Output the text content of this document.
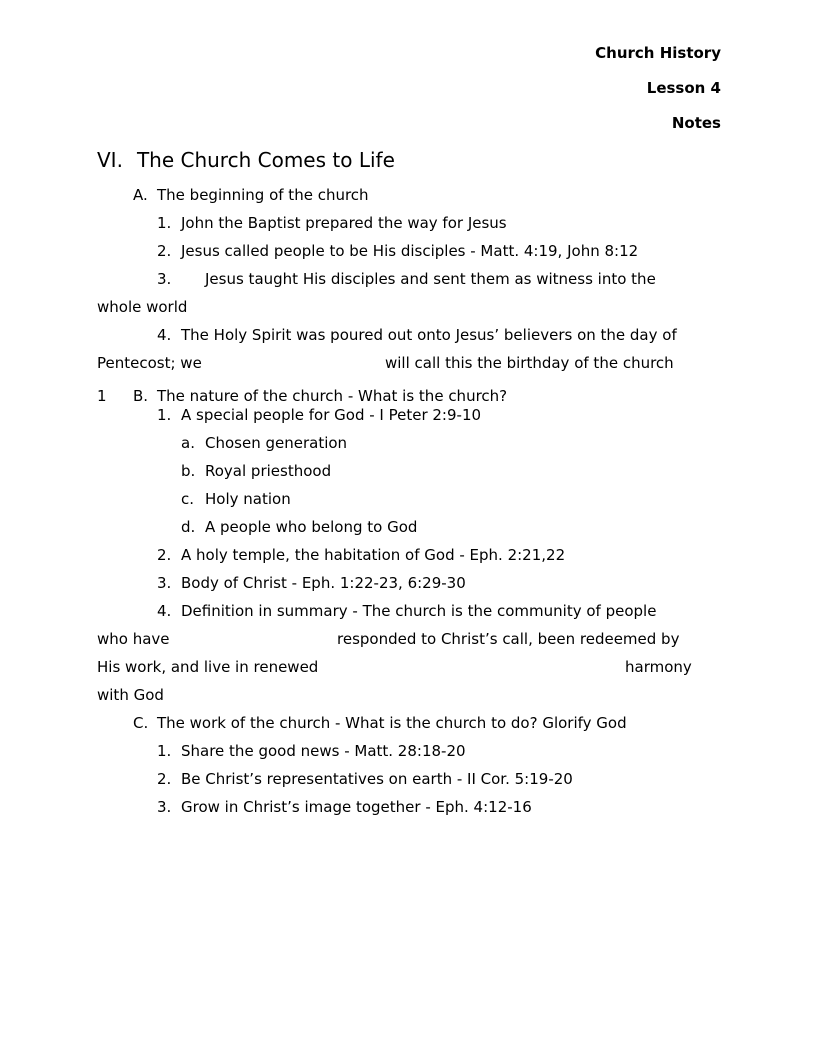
Church History
Lesson 4
Notes
VI. The Church Comes to Life
A. The beginning of the church
1. John the Baptist prepared the way for Jesus
2. Jesus called people to be His disciples - Matt. 4:19, John 8:12
3. Jesus taught His disciples and sent them as witness into the
whole world
4. The Holy Spirit was poured out onto Jesus’ believers on the day of
Pentecost; we	will call this the birthday of the church
1 B. The nature of the church - What is the church?
1. A special people for God - I Peter 2:9-10
a. Chosen generation
b. Royal priesthood
c. Holy nation
d. A people who belong to God
2. A holy temple, the habitation of God - Eph. 2:21,22
3. Body of Christ - Eph. 1:22-23, 6:29-30
4. Definition in summary - The church is the community of people
who have	responded to Christ’s call, been redeemed by
His work, and live in renewed	harmony
with God
C. The work of the church - What is the church to do? Glorify God
1. Share the good news - Matt. 28:18-20
2. Be Christ’s representatives on earth - II Cor. 5:19-20
3. Grow in Christ’s image together - Eph. 4:12-16
